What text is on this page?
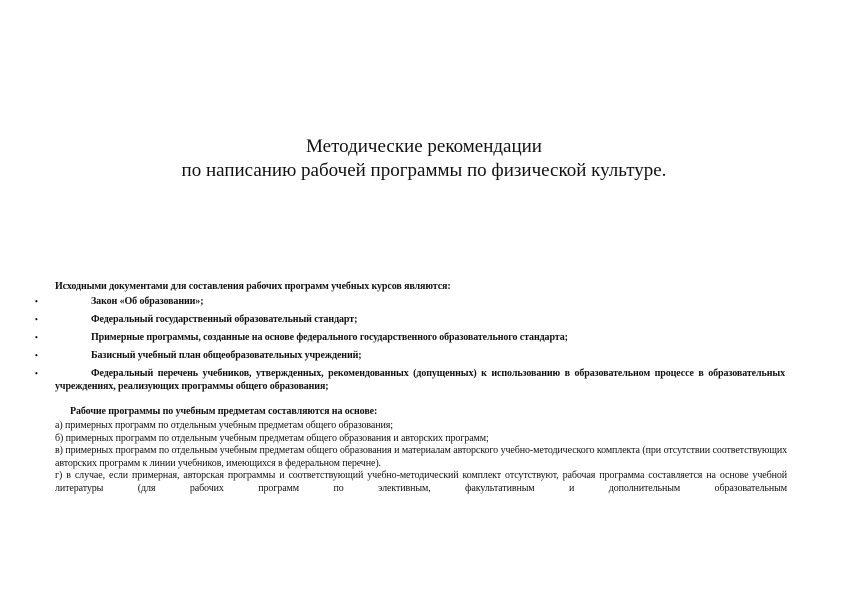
Методические рекомендации

по написанию рабочей программы по физической культуре.

Исходными документами для составления рабочих программ учебных курсов являются:
•	Закон «Об образовании»;
•	Федеральный государственный образовательный стандарт;
•	Примерные программы, созданные на основе федерального государственного образовательного стандарта;
•	Базисный учебный план общеобразовательных учреждений;
•	Федеральный перечень учебников, утвержденных, рекомендованных (допущенных) к использованию в образовательном процессе в образовательных учреждениях, реализующих программы общего образования;

Рабочие программы по учебным предметам составляются на основе:

а) примерных программ по отдельным учебным предметам общего образования;

б) примерных программ по отдельным учебным предметам общего образования и авторских программ;

в) примерных программ по отдельным учебным предметам общего образования и материалам авторского учебно-методического комплекта (при отсутствии соответствующих авторских программ к линии учебников, имеющихся в федеральном перечне).

г) в случае, если примерная, авторская программы и соответствующий учебно-методический комплект отсутствуют, рабочая программа составляется на основе учебной литературы (для рабочих программ по элективным, факультативным и дополнительным образовательным
